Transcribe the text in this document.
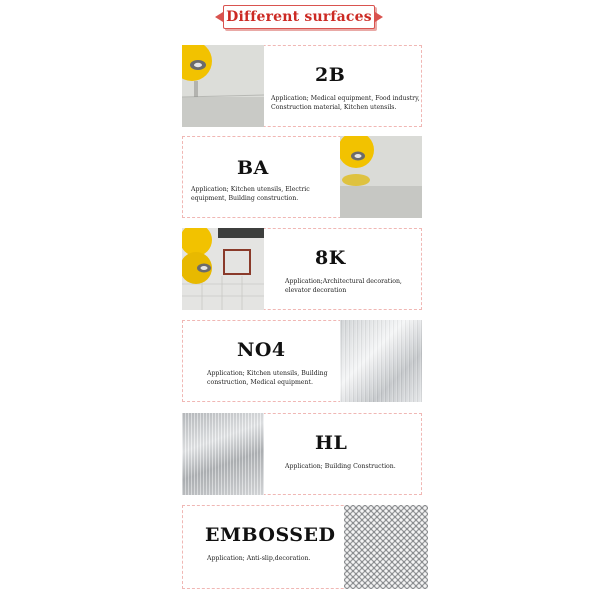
Different surfaces
2B
Application; Medical equipment, Food industry, Construction material, Kitchen utensils.
BA
Application; Kitchen utensils, Electric equipment, Building construction.
8K
Application;Architectural decoration, elevator decoration
NO4
Application; Kitchen utensils, Building construction, Medical equipment.
HL
Application; Building Construction.
EMBOSSED
Application; Anti-slip,decoration.
